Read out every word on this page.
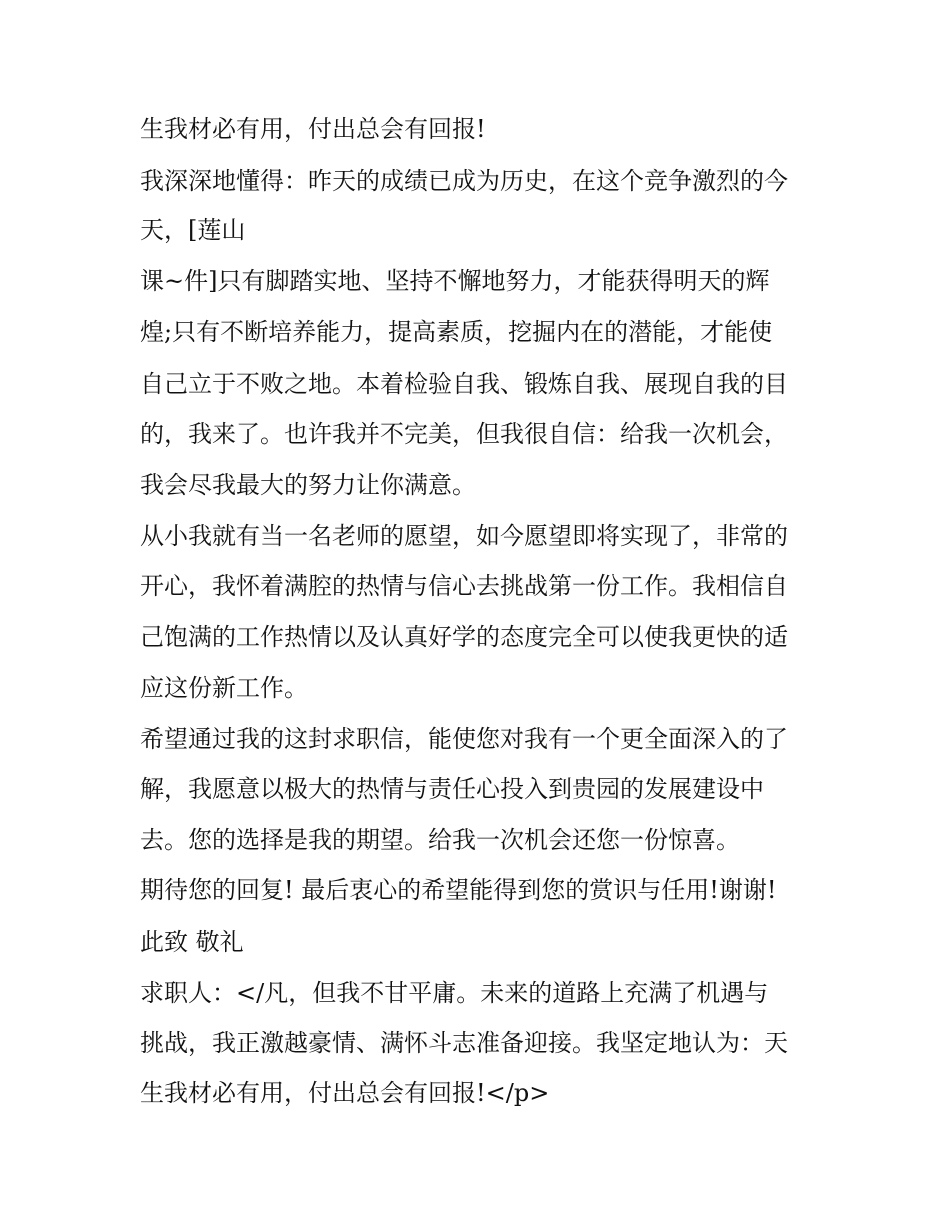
生我材必有用，付出总会有回报!

我深深地懂得：昨天的成绩已成为历史，在这个竞争激烈的今

天，[莲山

课~件]只有脚踏实地、坚持不懈地努力，才能获得明天的辉

煌;只有不断培养能力，提高素质，挖掘内在的潜能，才能使

自己立于不败之地。本着检验自我、锻炼自我、展现自我的目

的，我来了。也许我并不完美，但我很自信：给我一次机会，

我会尽我最大的努力让你满意。

从小我就有当一名老师的愿望，如今愿望即将实现了，非常的

开心，我怀着满腔的热情与信心去挑战第一份工作。我相信自

己饱满的工作热情以及认真好学的态度完全可以使我更快的适

应这份新工作。

希望通过我的这封求职信，能使您对我有一个更全面深入的了

解，我愿意以极大的热情与责任心投入到贵园的发展建设中

去。您的选择是我的期望。给我一次机会还您一份惊喜。

期待您的回复! 最后衷心的希望能得到您的赏识与任用!谢谢!

此致 敬礼

求职人：</凡，但我不甘平庸。未来的道路上充满了机遇与

挑战，我正激越豪情、满怀斗志准备迎接。我坚定地认为：天

生我材必有用，付出总会有回报!</p>
